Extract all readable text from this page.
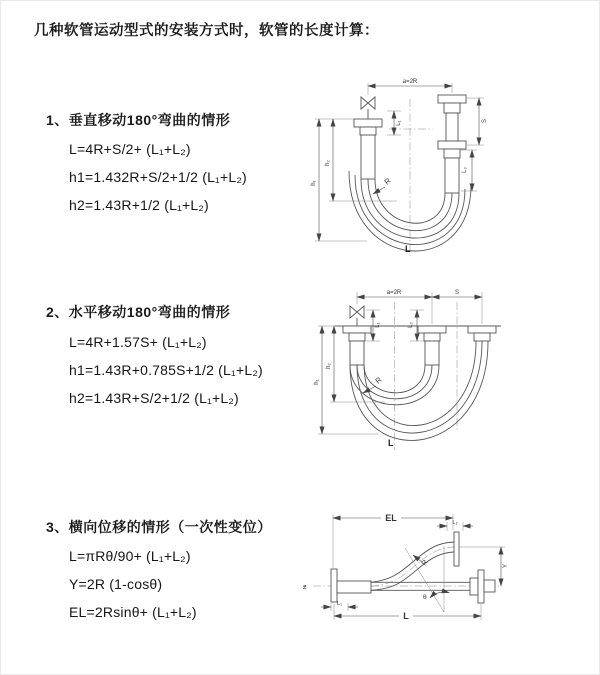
几种软管运动型式的安装方式时，软管的长度计算：
1、垂直移动180°弯曲的情形
L=4R+S/2+ (L₁+L₂)
h1=1.432R+S/2+1/2 (L₁+L₂)
h2=1.43R+1/2 (L₁+L₂)
a=2R
L₁	S
L₂
h₁
h₂
R
L
2、水平移动180°弯曲的情形
L=4R+1.57S+ (L₁+L₂)
h1=1.43R+0.785S+1/2 (L₁+L₂)
h2=1.43R+S/2+1/2 (L₁+L₂)
a=2R	S
L₁	L₂
h₁
h₂
R
L
3、横向位移的情形（一次性变位）
L=πRθ/90+ (L₁+L₂)
Y=2R (1-cosθ)
EL=2Rsinθ+ (L₁+L₂)
ƶ
θ
EL	L₂
Y
L
L₁
R
